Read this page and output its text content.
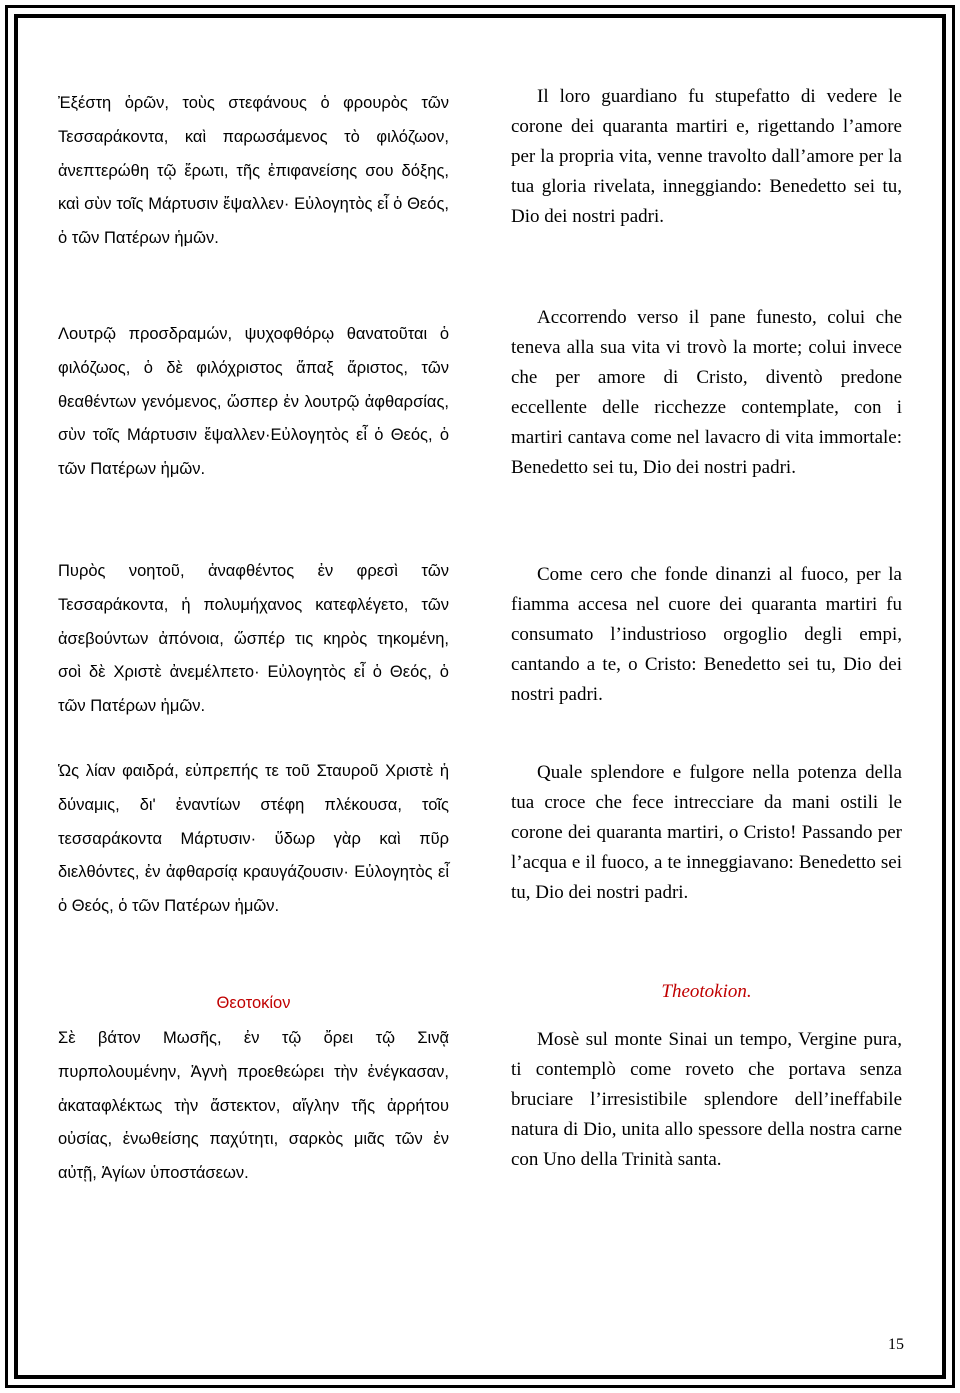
Ἐξέστη ὁρῶν, τοὺς στεφάνους ὁ φρουρὸς τῶν Τεσσαράκοντα, καὶ παρωσάμενος τὸ φιλόζωον, ἀνεπτερώθη τῷ ἔρωτι, τῆς ἐπιφανείσης σου δόξης, καὶ σὺν τοῖς Μάρτυσιν ἔψαλλεν· Εὐλογητὸς εἶ ὁ Θεός, ὁ τῶν Πατέρων ἡμῶν.

Λουτρῷ προσδραμών, ψυχοφθόρῳ θανατοῦται ὁ φιλόζωος, ὁ δὲ φιλόχριστος ἅπαξ ἄριστος, τῶν θεαθέντων γενόμενος, ὥσπερ ἐν λουτρῷ ἀφθαρσίας, σὺν τοῖς Μάρτυσιν ἔψαλλεν·Εὐλογητὸς εἶ ὁ Θεός, ὁ τῶν Πατέρων ἡμῶν.

Πυρὸς νοητοῦ, ἀναφθέντος ἐν φρεσὶ τῶν Τεσσαράκοντα, ἡ πολυμήχανος κατεφλέγετο, τῶν ἀσεβούντων ἀπόνοια, ὥσπέρ τις κηρὸς τηκομένη, σοὶ δὲ Χριστὲ ἀνεμέλπετο· Εὐλογητὸς εἶ ὁ Θεός, ὁ τῶν Πατέρων ἡμῶν.

Ὡς λίαν φαιδρά, εὐπρεπής τε τοῦ Σταυροῦ Χριστὲ ἡ δύναμις, δι' ἐναντίων στέφη πλέκουσα, τοῖς τεσσαράκοντα Μάρτυσιν· ὕδωρ γὰρ καὶ πῦρ διελθόντες, ἐν ἀφθαρσίᾳ κραυγάζουσιν· Εὐλογητὸς εἶ ὁ Θεός, ὁ τῶν Πατέρων ἡμῶν.

Θεοτοκίον

Σὲ βάτον Μωσῆς, ἐν τῷ ὄρει τῷ Σινᾷ πυρπολουμένην, Ἁγνὴ προεθεώρει τὴν ἐνέγκασαν, ἀκαταφλέκτως τὴν ἄστεκτον, αἴγλην τῆς ἀρρήτου οὐσίας, ἑνωθείσης παχύτητι, σαρκὸς μιᾶς τῶν ἐν αὐτῇ, Ἁγίων ὑποστάσεων.

Il loro guardiano fu stupefatto di vedere le corone dei quaranta martiri e, rigettando l’amore per la propria vita, venne travolto dall’amore per la tua gloria rivelata, inneggiando: Benedetto sei tu, Dio dei nostri padri.

Accorrendo verso il pane funesto, colui che teneva alla sua vita vi trovò la morte; colui invece che per amore di Cristo, diventò predone eccellente delle ricchezze contemplate, con i martiri cantava come nel lavacro di vita immortale: Benedetto sei tu, Dio dei nostri padri.

Come cero che fonde dinanzi al fuoco, per la fiamma accesa nel cuore dei quaranta martiri fu consumato l’industrioso orgoglio degli empi, cantando a te, o Cristo: Benedetto sei tu, Dio dei nostri padri.

Quale splendore e fulgore nella potenza della tua croce che fece intrecciare da mani ostili le corone dei quaranta martiri, o Cristo! Passando per l’acqua e il fuoco, a te inneggiavano: Benedetto sei tu, Dio dei nostri padri.

Theotokion.

Mosè sul monte Sinai un tempo, Vergine pura, ti contemplò come roveto che portava senza bruciare l’irresistibile splendore dell’ineffabile natura di Dio, unita allo spessore della nostra carne con Uno della Trinità santa.

15
